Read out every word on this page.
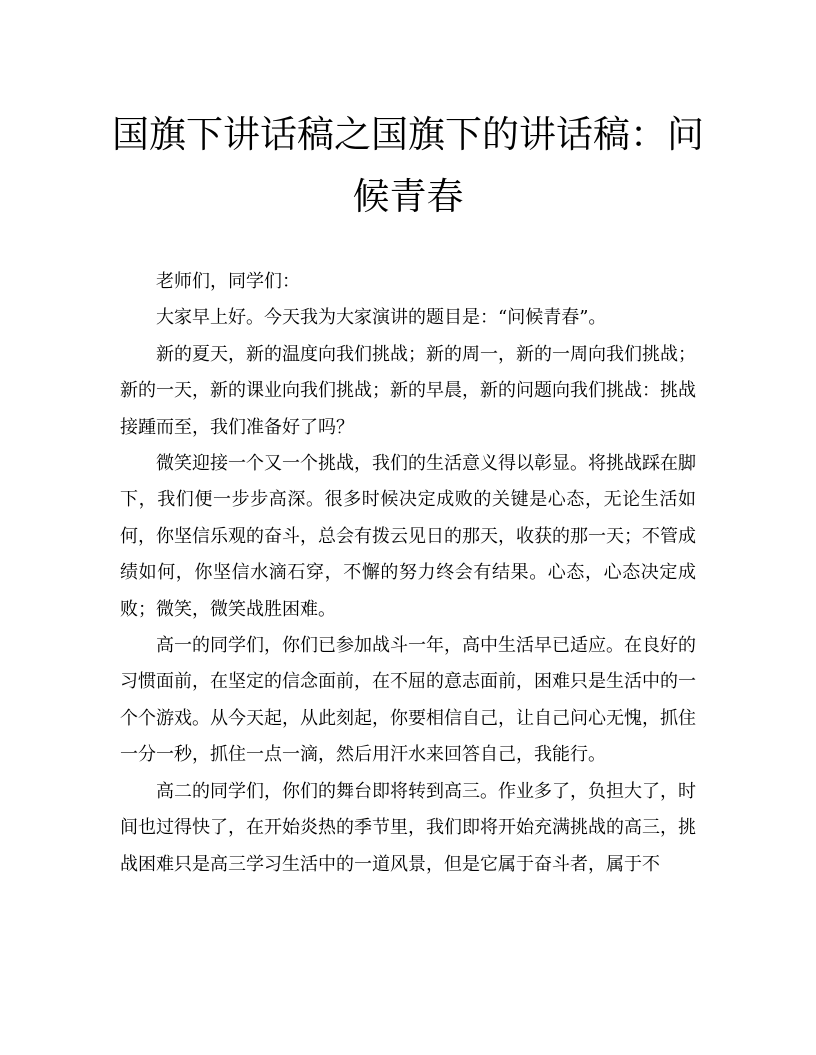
国旗下讲话稿之国旗下的讲话稿：问候青春

老师们，同学们：

大家早上好。今天我为大家演讲的题目是：“问候青春”。

新的夏天，新的温度向我们挑战；新的周一，新的一周向我们挑战；新的一天，新的课业向我们挑战；新的早晨，新的问题向我们挑战：挑战接踵而至，我们准备好了吗？

微笑迎接一个又一个挑战，我们的生活意义得以彰显。将挑战踩在脚下，我们便一步步高深。很多时候决定成败的关键是心态，无论生活如何，你坚信乐观的奋斗，总会有拨云见日的那天，收获的那一天；不管成绩如何，你坚信水滴石穿，不懈的努力终会有结果。心态，心态决定成败；微笑，微笑战胜困难。

高一的同学们，你们已参加战斗一年，高中生活早已适应。在良好的习惯面前，在坚定的信念面前，在不屈的意志面前，困难只是生活中的一个个游戏。从今天起，从此刻起，你要相信自己，让自己问心无愧，抓住一分一秒，抓住一点一滴，然后用汗水来回答自己，我能行。

高二的同学们，你们的舞台即将转到高三。作业多了，负担大了，时间也过得快了，在开始炎热的季节里，我们即将开始充满挑战的高三，挑战困难只是高三学习生活中的一道风景，但是它属于奋斗者，属于不
